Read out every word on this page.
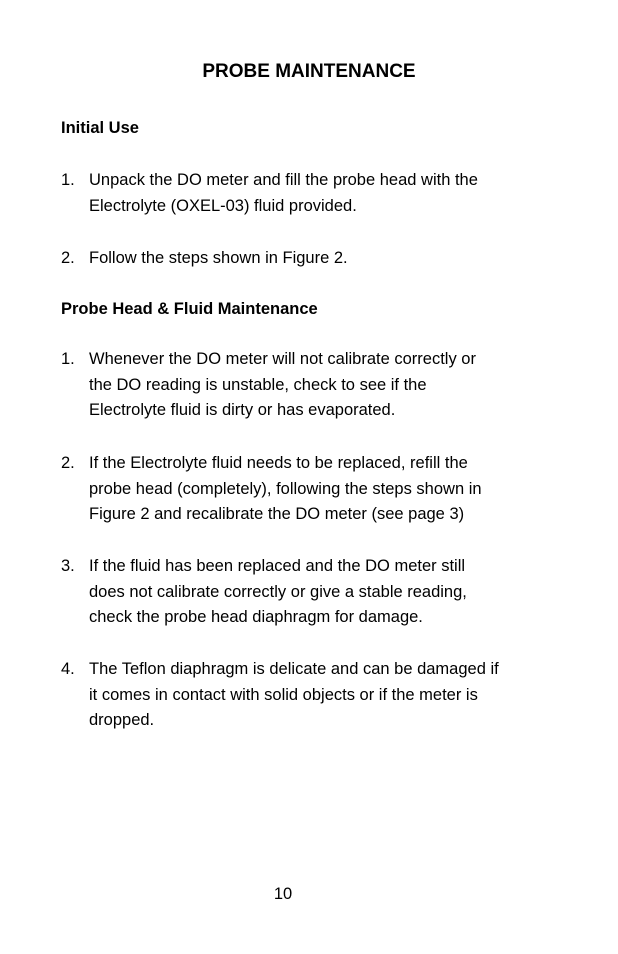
PROBE MAINTENANCE
Initial Use
1. Unpack the DO meter and fill the probe head with the
Electrolyte (OXEL-03) fluid provided.
2. Follow the steps shown in Figure 2.
Probe Head & Fluid Maintenance
1. Whenever the DO meter will not calibrate correctly or
the DO reading is unstable, check to see if the
Electrolyte fluid is dirty or has evaporated.
2. If the Electrolyte fluid needs to be replaced, refill the
probe head (completely), following the steps shown in
Figure 2 and recalibrate the DO meter (see page 3)
3. If the fluid has been replaced and the DO meter still
does not calibrate correctly or give a stable reading,
check the probe head diaphragm for damage.
4. The Teflon diaphragm is delicate and can be damaged if
it comes in contact with solid objects or if the meter is
dropped.
10
